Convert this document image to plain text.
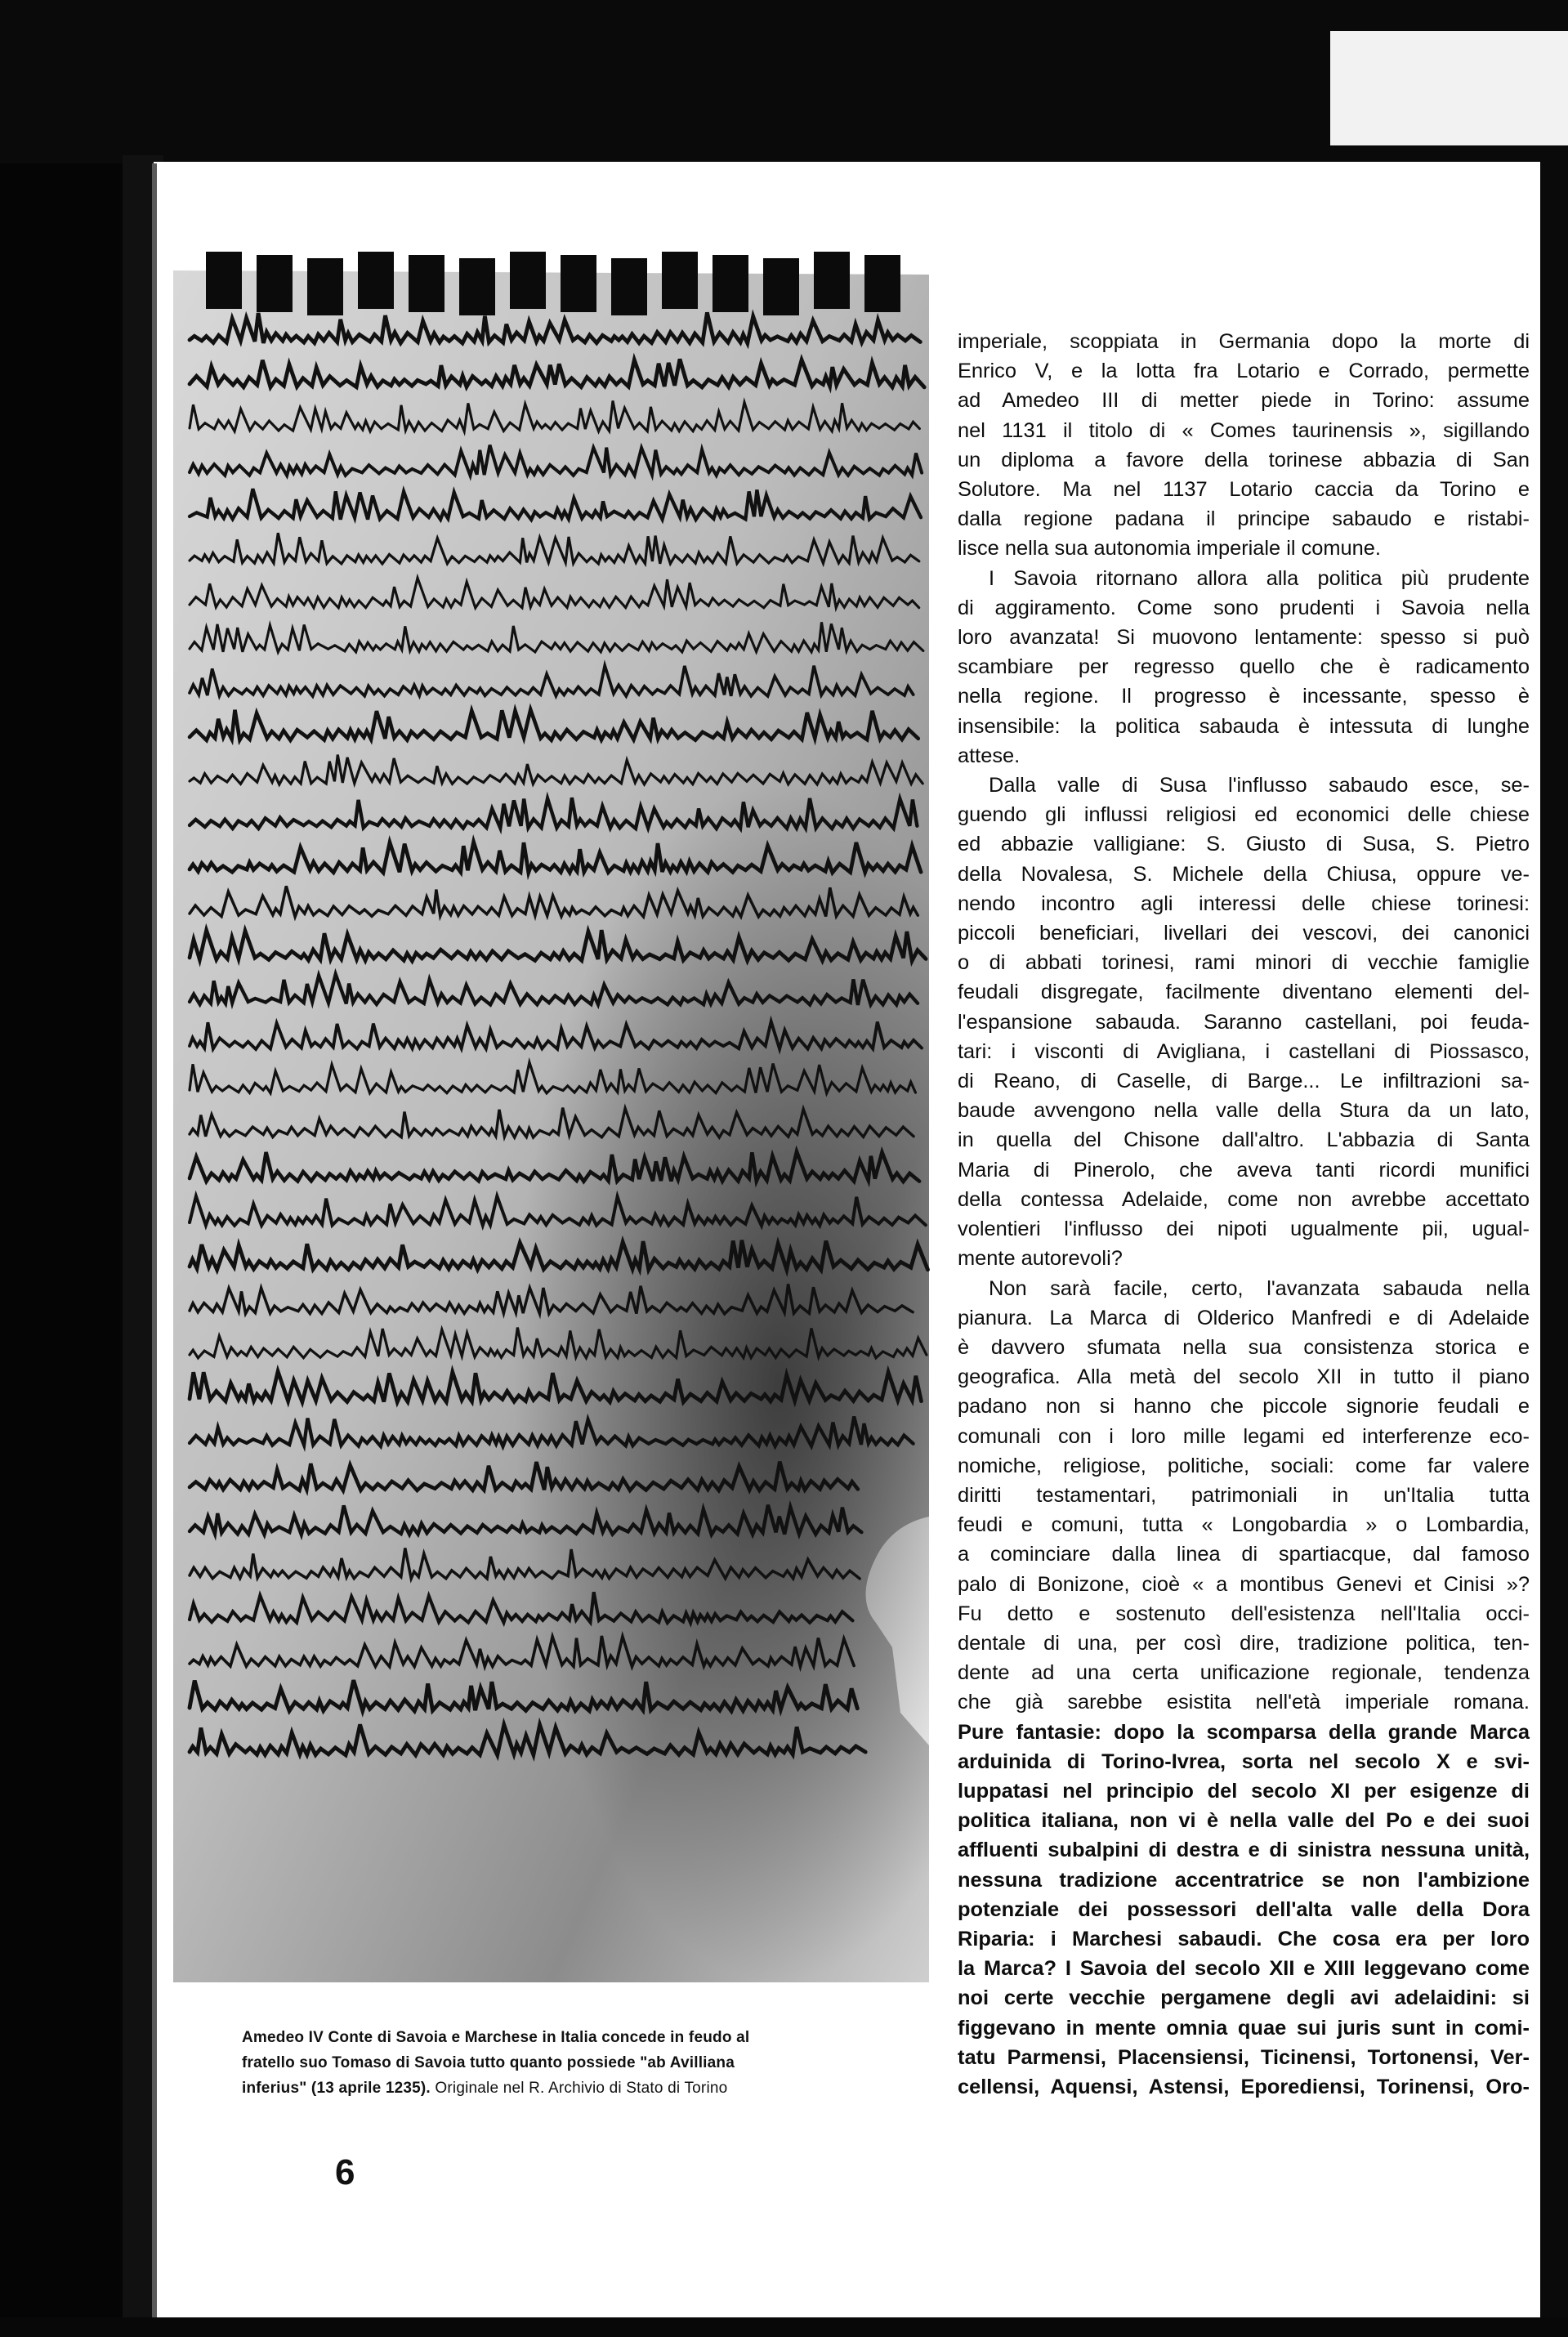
Amedeo IV Conte di Savoia e Marchese in Italia concede in feudo al
fratello suo Tomaso di Savoia tutto quanto possiede "ab Avilliana
inferius" (13 aprile 1235). Originale nel R. Archivio di Stato di Torino
6
imperiale, scoppiata in Germania dopo la morte di
Enrico V, e la lotta fra Lotario e Corrado, permette
ad Amedeo III di metter piede in Torino: assume
nel 1131 il titolo di « Comes taurinensis », sigillando
un diploma a favore della torinese abbazia di San
Solutore. Ma nel 1137 Lotario caccia da Torino e
dalla regione padana il principe sabaudo e ristabi-
lisce nella sua autonomia imperiale il comune.
I Savoia ritornano allora alla politica più prudente
di aggiramento. Come sono prudenti i Savoia nella
loro avanzata! Si muovono lentamente: spesso si può
scambiare per regresso quello che è radicamento
nella regione. Il progresso è incessante, spesso è
insensibile: la politica sabauda è intessuta di lunghe
attese.
Dalla valle di Susa l'influsso sabaudo esce, se-
guendo gli influssi religiosi ed economici delle chiese
ed abbazie valligiane: S. Giusto di Susa, S. Pietro
della Novalesa, S. Michele della Chiusa, oppure ve-
nendo incontro agli interessi delle chiese torinesi:
piccoli beneficiari, livellari dei vescovi, dei canonici
o di abbati torinesi, rami minori di vecchie famiglie
feudali disgregate, facilmente diventano elementi del-
l'espansione sabauda. Saranno castellani, poi feuda-
tari: i visconti di Avigliana, i castellani di Piossasco,
di Reano, di Caselle, di Barge... Le infiltrazioni sa-
baude avvengono nella valle della Stura da un lato,
in quella del Chisone dall'altro. L'abbazia di Santa
Maria di Pinerolo, che aveva tanti ricordi munifici
della contessa Adelaide, come non avrebbe accettato
volentieri l'influsso dei nipoti ugualmente pii, ugual-
mente autorevoli?
Non sarà facile, certo, l'avanzata sabauda nella
pianura. La Marca di Olderico Manfredi e di Adelaide
è davvero sfumata nella sua consistenza storica e
geografica. Alla metà del secolo XII in tutto il piano
padano non si hanno che piccole signorie feudali e
comunali con i loro mille legami ed interferenze eco-
nomiche, religiose, politiche, sociali: come far valere
diritti testamentari, patrimoniali in un'Italia tutta
feudi e comuni, tutta « Longobardia » o Lombardia,
a cominciare dalla linea di spartiacque, dal famoso
palo di Bonizone, cioè « a montibus Genevi et Cinisi »?
Fu detto e sostenuto dell'esistenza nell'Italia occi-
dentale di una, per così dire, tradizione politica, ten-
dente ad una certa unificazione regionale, tendenza
che già sarebbe esistita nell'età imperiale romana.
Pure fantasie: dopo la scomparsa della grande Marca
arduinida di Torino-Ivrea, sorta nel secolo X e svi-
luppatasi nel principio del secolo XI per esigenze di
politica italiana, non vi è nella valle del Po e dei suoi
affluenti subalpini di destra e di sinistra nessuna unità,
nessuna tradizione accentratrice se non l'ambizione
potenziale dei possessori dell'alta valle della Dora
Riparia: i Marchesi sabaudi. Che cosa era per loro
la Marca? I Savoia del secolo XII e XIII leggevano come
noi certe vecchie pergamene degli avi adelaidini: si
figgevano in mente omnia quae sui juris sunt in comi-
tatu Parmensi, Placensiensi, Ticinensi, Tortonensi, Ver-
cellensi, Aquensi, Astensi, Eporediensi, Torinensi, Oro-
